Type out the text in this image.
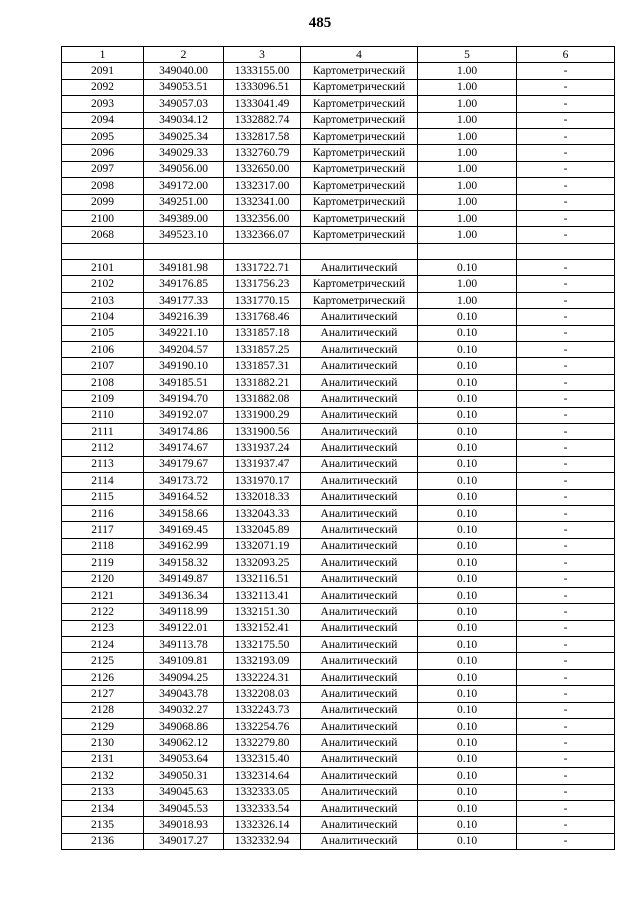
485
1	2	3	4	5	6
2091	349040.00	1333155.00	Картометрический	1.00	-
2092	349053.51	1333096.51	Картометрический	1.00	-
2093	349057.03	1333041.49	Картометрический	1.00	-
2094	349034.12	1332882.74	Картометрический	1.00	-
2095	349025.34	1332817.58	Картометрический	1.00	-
2096	349029.33	1332760.79	Картометрический	1.00	-
2097	349056.00	1332650.00	Картометрический	1.00	-
2098	349172.00	1332317.00	Картометрический	1.00	-
2099	349251.00	1332341.00	Картометрический	1.00	-
2100	349389.00	1332356.00	Картометрический	1.00	-
2068	349523.10	1332366.07	Картометрический	1.00	-

2101	349181.98	1331722.71	Аналитический	0.10	-
2102	349176.85	1331756.23	Картометрический	1.00	-
2103	349177.33	1331770.15	Картометрический	1.00	-
2104	349216.39	1331768.46	Аналитический	0.10	-
2105	349221.10	1331857.18	Аналитический	0.10	-
2106	349204.57	1331857.25	Аналитический	0.10	-
2107	349190.10	1331857.31	Аналитический	0.10	-
2108	349185.51	1331882.21	Аналитический	0.10	-
2109	349194.70	1331882.08	Аналитический	0.10	-
2110	349192.07	1331900.29	Аналитический	0.10	-
2111	349174.86	1331900.56	Аналитический	0.10	-
2112	349174.67	1331937.24	Аналитический	0.10	-
2113	349179.67	1331937.47	Аналитический	0.10	-
2114	349173.72	1331970.17	Аналитический	0.10	-
2115	349164.52	1332018.33	Аналитический	0.10	-
2116	349158.66	1332043.33	Аналитический	0.10	-
2117	349169.45	1332045.89	Аналитический	0.10	-
2118	349162.99	1332071.19	Аналитический	0.10	-
2119	349158.32	1332093.25	Аналитический	0.10	-
2120	349149.87	1332116.51	Аналитический	0.10	-
2121	349136.34	1332113.41	Аналитический	0.10	-
2122	349118.99	1332151.30	Аналитический	0.10	-
2123	349122.01	1332152.41	Аналитический	0.10	-
2124	349113.78	1332175.50	Аналитический	0.10	-
2125	349109.81	1332193.09	Аналитический	0.10	-
2126	349094.25	1332224.31	Аналитический	0.10	-
2127	349043.78	1332208.03	Аналитический	0.10	-
2128	349032.27	1332243.73	Аналитический	0.10	-
2129	349068.86	1332254.76	Аналитический	0.10	-
2130	349062.12	1332279.80	Аналитический	0.10	-
2131	349053.64	1332315.40	Аналитический	0.10	-
2132	349050.31	1332314.64	Аналитический	0.10	-
2133	349045.63	1332333.05	Аналитический	0.10	-
2134	349045.53	1332333.54	Аналитический	0.10	-
2135	349018.93	1332326.14	Аналитический	0.10	-
2136	349017.27	1332332.94	Аналитический	0.10	-
